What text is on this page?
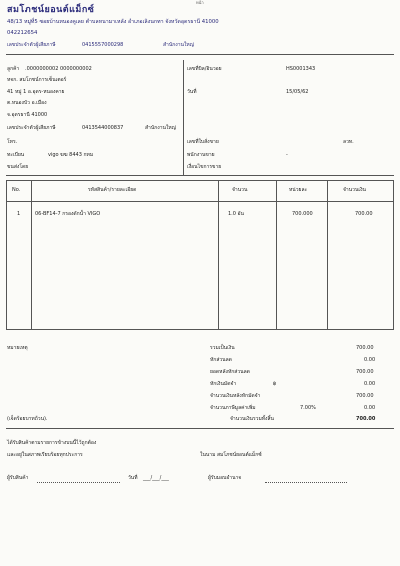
หน้า
สมโภชน์ยอนต์แม็กซ์
48/13 หมู่ที่5 ซอยบ้านหนองคูเลย ตำบลหนามาเหลัง อำเภอเลิงนกทา จังหวัดอุดรธานี 41000
042212654
เลขประจำตัวผู้เสียภาษี	0415557000298	สำนักงานใหญ่
ลูกค้า .0000000002 0000000002
หจก. สมโภชน์การเซ็นเตอร์
41 หมู่ 1 อ.อุดร-หนองคาย
ต.หนองบัว อ.เมือง
จ.อุดรธานี 41000
เลขประจำตัวผู้เสียภาษี	0413544000837	สำนักงานใหญ่
โทร.
ทะเบียน	vigo ฆฆ 8443 กทม
ขนส่งโดย
เลขที่บิล/อินวอย	HS0001343
วันที่	15/05/62
เลขที่ใบสั่งขาย	ลวท.
พนักงานขาย	-
เงื่อนไขการขาย
No.	รหัสสินค้า/รายละเอียด	จำนวน	หน่วยละ	จำนวนเงิน
1	06-BF14-7 กรองดักน้ำ VIGO	1.0 อัน	700.000	700.00
หมายเหตุ
(เจ็ดร้อยบาทถ้วน).
รวมเป็นเงิน	700.00
หักส่วนลด	0.00
ยอดหลังหักส่วนลด	700.00
หักเงินมัดจำ	฿	0.00
จำนวนเงินหลังหักมัดจำ	700.00
จำนวนภาษีมูลค่าเพิ่ม	7.00%	0.00
จำนวนเงินรวมทั้งสิ้น	700.00
ได้รับสินค้าตามรายการข้างบนนี้ไว้ถูกต้อง
และอยู่ในสภาพเรียบร้อยทุกประการ	ในนาม สมโภชน์ยอนต์แม็กซ์
ผู้รับสินค้า	วันที่ ___/___/___	ผู้รับมอบอำนาจ
